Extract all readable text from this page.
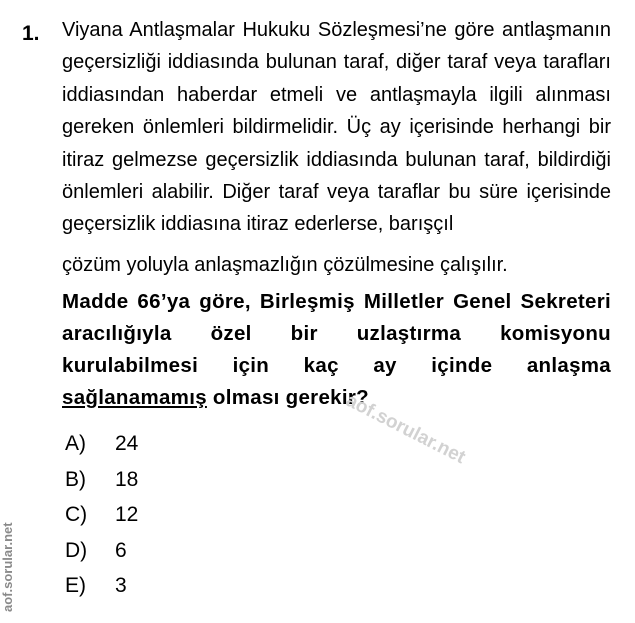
1. Viyana Antlaşmalar Hukuku Sözleşmesi’ne göre antlaşmanın geçersizliği iddiasında bulunan taraf, diğer taraf veya tarafları iddiasından haberdar etmeli ve antlaşmayla ilgili alınması gereken önlemleri bildirmelidir. Üç ay içerisinde herhangi bir itiraz gelmezse geçersizlik iddiasında bulunan taraf, bildirdiği önlemleri alabilir. Diğer taraf veya taraflar bu süre içerisinde geçersizlik iddiasına itiraz ederlerse, barışçıl
çözüm yoluyla anlaşmazlığın çözülmesine çalışılır.
Madde 66’ya göre, Birleşmiş Milletler Genel Sekreteri aracılığıyla özel bir uzlaştırma komisyonu kurulabilmesi için kaç ay içinde anlaşma sağlanamamış olması gerekir?
A)	24
B)	18
C)	12
D)	6
E)	3
aof.sorular.net
aof.sorular.net
